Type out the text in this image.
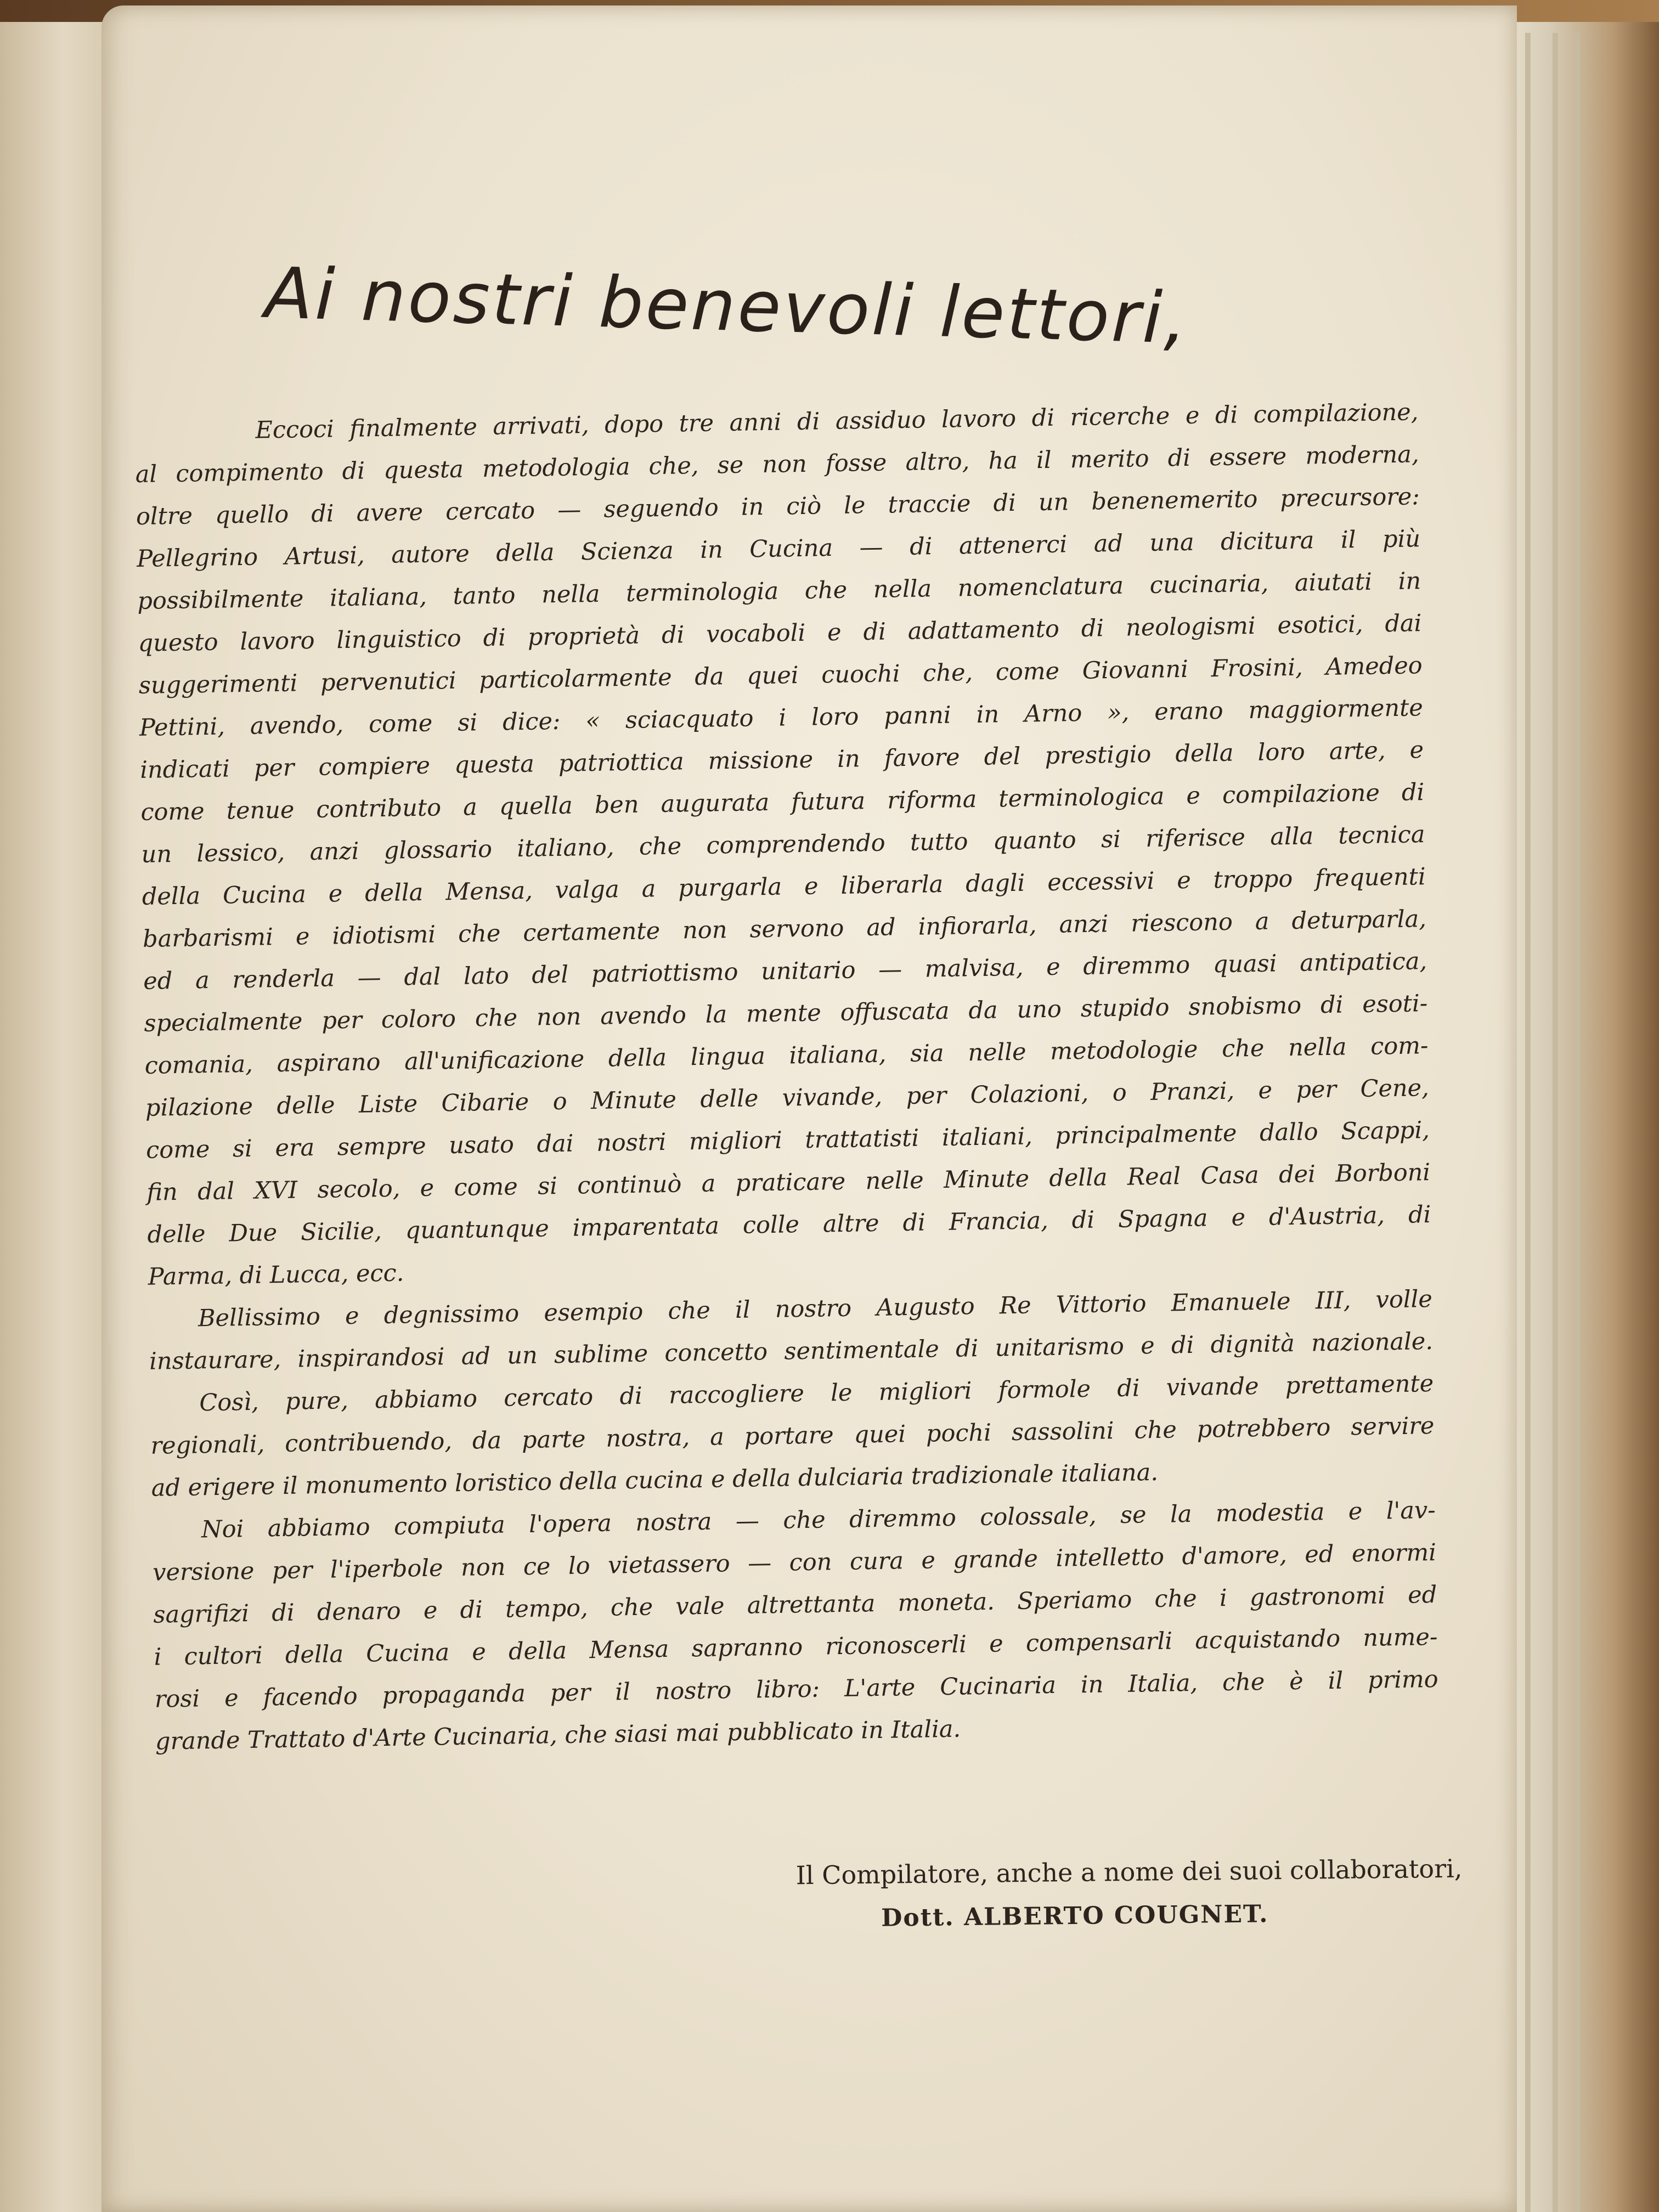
Ai nostri benevoli lettori,
Eccoci finalmente arrivati, dopo tre anni di assiduo lavoro di ricerche e di compilazione,
al compimento di questa metodologia che, se non fosse altro, ha il merito di essere moderna,
oltre quello di avere cercato — seguendo in ciò le traccie di un benenemerito precursore:
Pellegrino Artusi, autore della Scienza in Cucina — di attenerci ad una dicitura il più
possibilmente italiana, tanto nella terminologia che nella nomenclatura cucinaria, aiutati in
questo lavoro linguistico di proprietà di vocaboli e di adattamento di neologismi esotici, dai
suggerimenti pervenutici particolarmente da quei cuochi che, come Giovanni Frosini, Amedeo
Pettini, avendo, come si dice: « sciacquato i loro panni in Arno », erano maggiormente
indicati per compiere questa patriottica missione in favore del prestigio della loro arte, e
come tenue contributo a quella ben augurata futura riforma terminologica e compilazione di
un lessico, anzi glossario italiano, che comprendendo tutto quanto si riferisce alla tecnica
della Cucina e della Mensa, valga a purgarla e liberarla dagli eccessivi e troppo frequenti
barbarismi e idiotismi che certamente non servono ad infiorarla, anzi riescono a deturparla,
ed a renderla — dal lato del patriottismo unitario — malvisa, e diremmo quasi antipatica,
specialmente per coloro che non avendo la mente offuscata da uno stupido snobismo di esoti-
comania, aspirano all'unificazione della lingua italiana, sia nelle metodologie che nella com-
pilazione delle Liste Cibarie o Minute delle vivande, per Colazioni, o Pranzi, e per Cene,
come si era sempre usato dai nostri migliori trattatisti italiani, principalmente dallo Scappi,
fin dal XVI secolo, e come si continuò a praticare nelle Minute della Real Casa dei Borboni
delle Due Sicilie, quantunque imparentata colle altre di Francia, di Spagna e d'Austria, di
Parma, di Lucca, ecc.
Bellissimo e degnissimo esempio che il nostro Augusto Re Vittorio Emanuele III, volle
instaurare, inspirandosi ad un sublime concetto sentimentale di unitarismo e di dignità nazionale.
Così, pure, abbiamo cercato di raccogliere le migliori formole di vivande prettamente
regionali, contribuendo, da parte nostra, a portare quei pochi sassolini che potrebbero servire
ad erigere il monumento loristico della cucina e della dulciaria tradizionale italiana.
Noi abbiamo compiuta l'opera nostra — che diremmo colossale, se la modestia e l'av-
versione per l'iperbole non ce lo vietassero — con cura e grande intelletto d'amore, ed enormi
sagrifizi di denaro e di tempo, che vale altrettanta moneta. Speriamo che i gastronomi ed
i cultori della Cucina e della Mensa sapranno riconoscerli e compensarli acquistando nume-
rosi e facendo propaganda per il nostro libro: L'arte Cucinaria in Italia, che è il primo
grande Trattato d'Arte Cucinaria, che siasi mai pubblicato in Italia.
Il Compilatore, anche a nome dei suoi collaboratori,
Dott. ALBERTO COUGNET.
